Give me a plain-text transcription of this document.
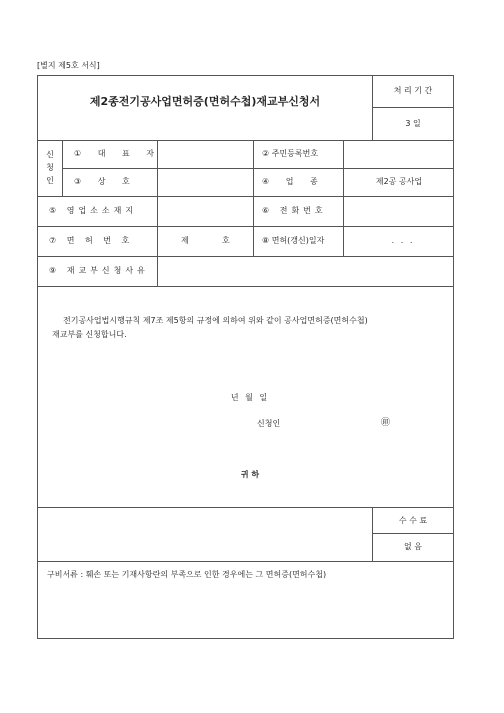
[별지 제5호 서식]
제2종전기공사업면허증(면허수첩)재교부신청서
처 리 기 간
3 일
신
청
인
① 대 표 자	② 주민등록번호
③ 상 호	④ 업 종	제2공 공사업
⑤ 영업소소재지	⑥ 전화번호
⑦ 면 허 번 호	제	호	⑧ 면허(갱신)일자	. . .
⑨ 재교부신청사유
전기공사업법시행규칙 제7조 제5항의 규정에 의하여 위와 같이 공사업면허증(면허수첩)
재교부를 신청합니다.
년 월 일
신청인	㊞
귀 하
수 수 료
없 음
구비서류 : 훼손 또는 기재사항란의 부족으로 인한 경우에는 그 면허증(면허수첩)
